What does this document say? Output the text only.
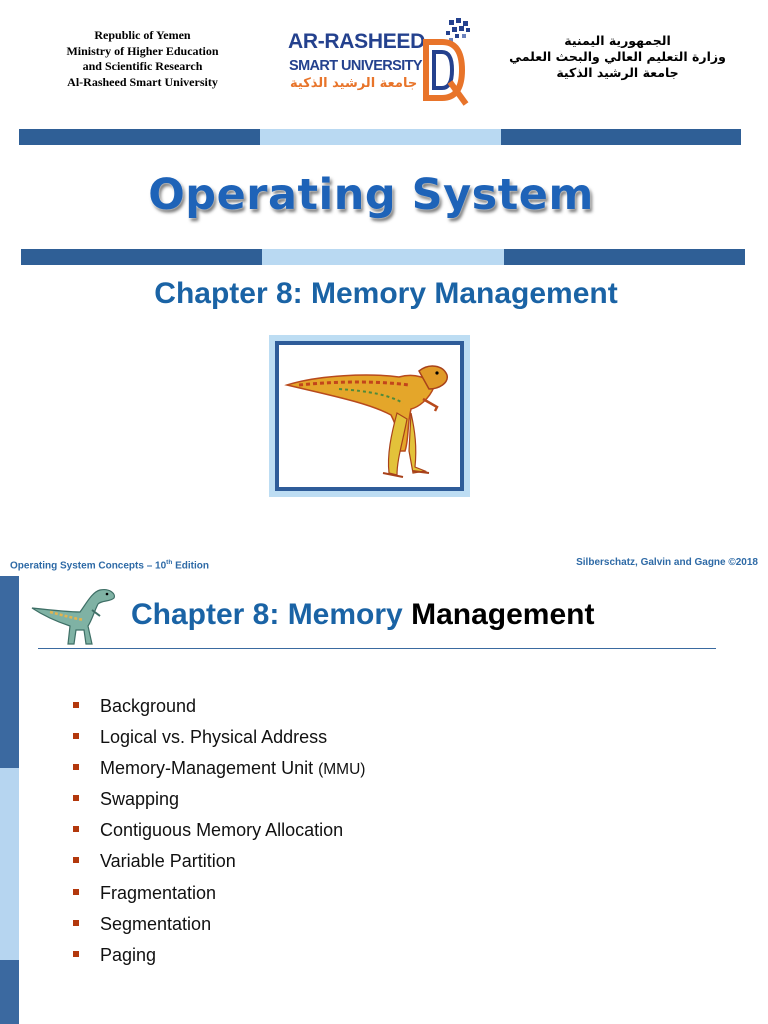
Republic of Yemen
Ministry of Higher Education
and Scientific Research
Al-Rasheed Smart University
AR-RASHEED
SMART UNIVERSITY
جامعة الرشيد الذكية
الجمهورية اليمنية
وزارة التعليم العالي والبحث العلمي
جامعة الرشيد الذكية
Operating System
Chapter 8: Memory Management
Operating System Concepts – 10th Edition	Silberschatz, Galvin and Gagne ©2018
Chapter 8: Memory Management
Background
Logical vs. Physical Address
Memory-Management Unit (MMU)
Swapping
Contiguous Memory Allocation
Variable Partition
Fragmentation
Segmentation
Paging
